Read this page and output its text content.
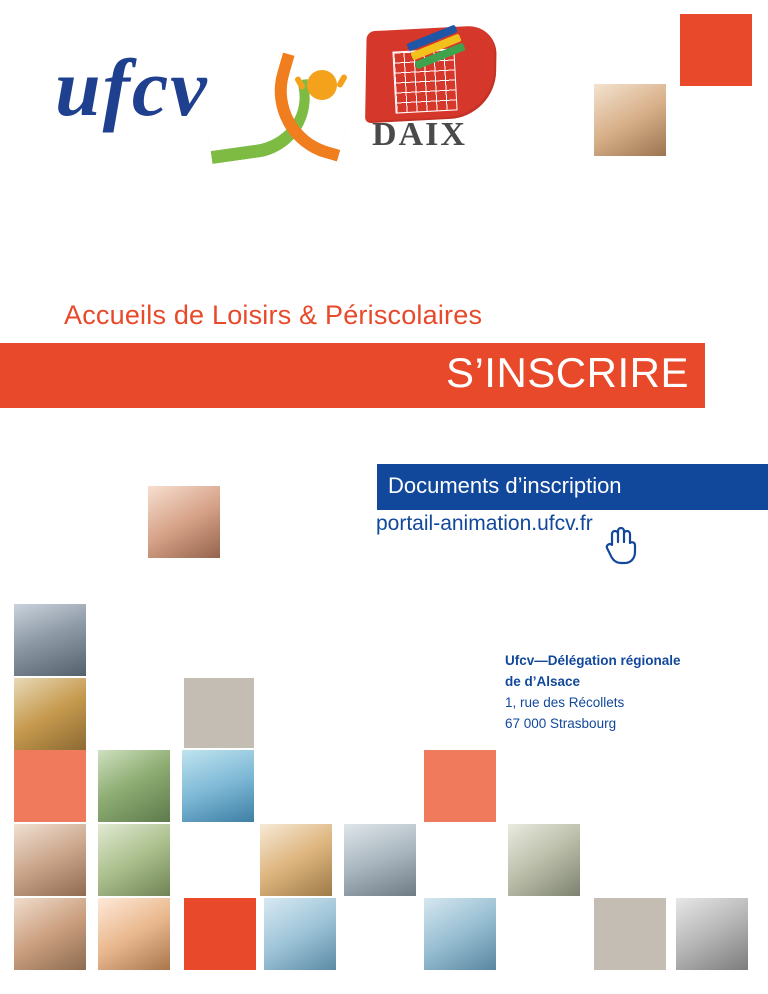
ufcv
DAIX
Accueils de Loisirs & Périscolaires
S’INSCRIRE
Documents d’inscription
portail-animation.ufcv.fr
Ufcv—Délégation régionale
de d’Alsace
1, rue des Récollets
67 000 Strasbourg
